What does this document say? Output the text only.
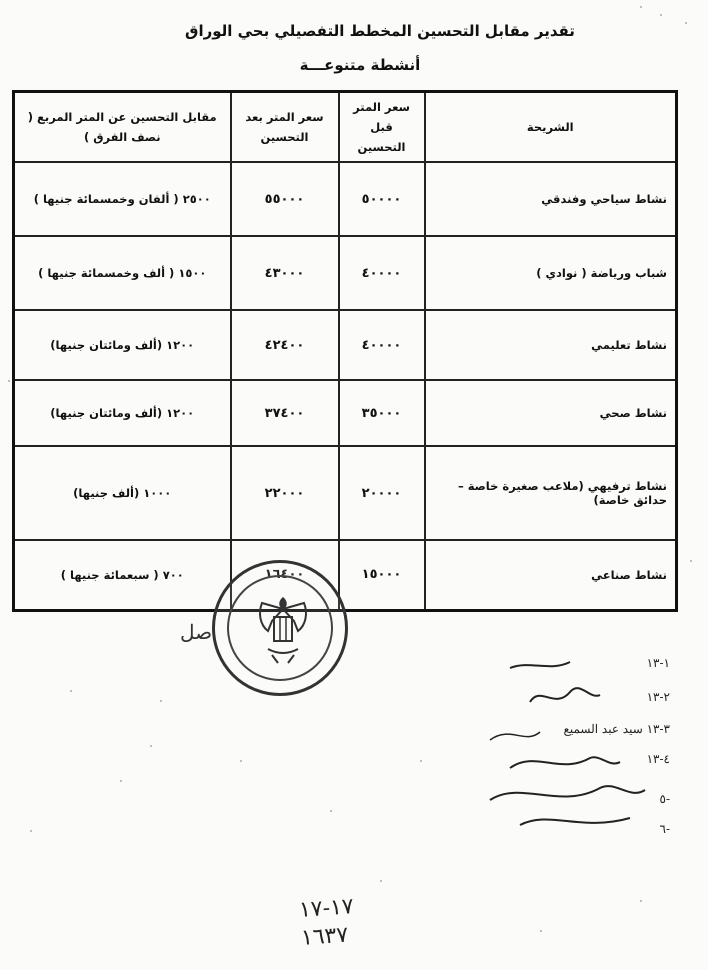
تقدير مقابل التحسين المخطط التفصيلي بحي الوراق
أنشطة متنوعـــة
الشريحة	سعر المتر قبل التحسين	سعر المتر بعد التحسين	مقابل التحسين عن المتر المربع ( نصف الفرق )
نشاط سياحي وفندقي	٥٠٠٠٠	٥٥٠٠٠	٢٥٠٠ ( ألفان وخمسمائة جنيها )
شباب ورياضة ( نوادي )	٤٠٠٠٠	٤٣٠٠٠	١٥٠٠ ( ألف وخمسمائة جنيها )
نشاط تعليمي	٤٠٠٠٠	٤٢٤٠٠	١٢٠٠ (ألف ومائتان جنيها)
نشاط صحي	٣٥٠٠٠	٣٧٤٠٠	١٢٠٠ (ألف ومائتان جنيها)
نشاط ترفيهي (ملاعب صغيرة خاصة – حدائق خاصة)	٢٠٠٠٠	٢٢٠٠٠	١٠٠٠ (ألف جنيها)
نشاط صناعي	١٥٠٠٠	١٦٤٠٠	٧٠٠ ( سبعمائة جنيها )
صل
١-١٣
٢-١٣
٣-١٣ سيد عبد السميع
٤-١٣
٥-
٦-
١٧-١٧
١٦٣٧
